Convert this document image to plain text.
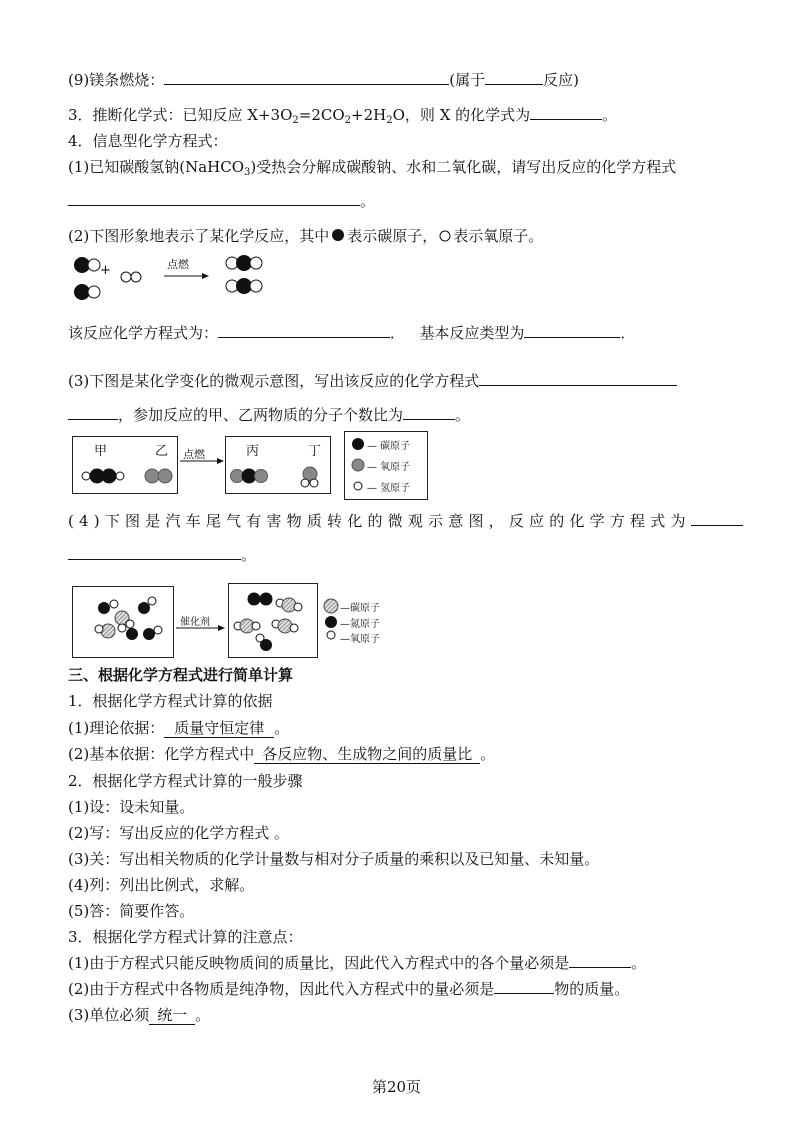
(9)镁条燃烧：	(属于	反应)
3．推断化学式：已知反应 $X+3O_2=2CO_2+2H_2O$，则 X 的化学式为	。
4．信息型化学方程式：
(1)已知碳酸氢钠(NaHCO$_3$)受热会分解成碳酸钠、水和二氧化碳，请写出反应的化学方程式
。
(2)下图形象地表示了某化学反应，其中 表示碳原子， 表示氧原子。
+	点燃
该反应化学方程式为：	． 基本反应类型为	．
(3)下图是某化学变化的微观示意图，写出该反应的化学方程式
，参加反应的甲、乙两物质的分子个数比为	。
甲	乙 点燃	丙	丁	— 碳原子
— 氧原子
— 氢原子
(4)下图是汽车尾气有害物质转化的微观示意图，反应的化学方程式为
。
催化剂
—碳原子
—氮原子
—氧原子
三、根据化学方程式进行简单计算
1．根据化学方程式计算的依据
(1)理论依据： 质量守恒定律 。
(2)基本依据：化学方程式中 各反应物、生成物之间的质量比 。
2．根据化学方程式计算的一般步骤
(1)设：设未知量。
(2)写：写出反应的化学方程式 。
(3)关：写出相关物质的化学计量数与相对分子质量的乘积以及已知量、未知量。
(4)列：列出比例式，求解。
(5)答：简要作答。
3．根据化学方程式计算的注意点：
(1)由于方程式只能反映物质间的质量比，因此代入方程式中的各个量必须是	。
(2)由于方程式中各物质是纯净物，因此代入方程式中的量必须是	物的质量。
(3)单位必须 统一 。
第20页
